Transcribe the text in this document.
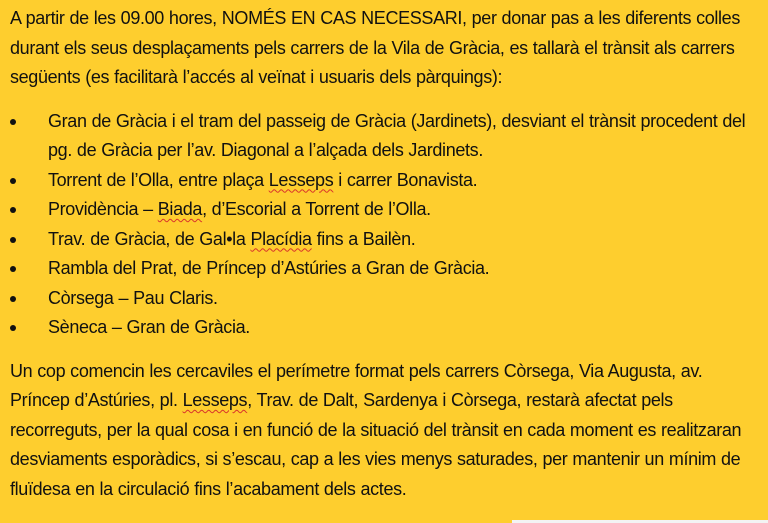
A partir de les 09.00 hores, NOMÉS EN CAS NECESSARI, per donar pas a les diferents colles durant els seus desplaçaments pels carrers de la Vila de Gràcia, es tallarà el trànsit als carrers següents (es facilitarà l’accés al veïnat i usuaris dels pàrquings):

Gran de Gràcia i el tram del passeig de Gràcia (Jardinets), desviant el trànsit procedent del pg. de Gràcia per l’av. Diagonal a l’alçada dels Jardinets.
Torrent de l’Olla, entre plaça Lesseps i carrer Bonavista.
Providència – Biada, d’Escorial a Torrent de l’Olla.
Trav. de Gràcia, de Gal•la Placídia fins a Bailèn.
Rambla del Prat, de Príncep d’Astúries a Gran de Gràcia.
Còrsega – Pau Claris.
Sèneca – Gran de Gràcia.

Un cop comencin les cercaviles el perímetre format pels carrers Còrsega, Via Augusta, av. Príncep d’Astúries, pl. Lesseps, Trav. de Dalt, Sardenya i Còrsega, restarà afectat pels recorreguts, per la qual cosa i en funció de la situació del trànsit en cada moment es realitzaran desviaments esporàdics, si s’escau, cap a les vies menys saturades, per mantenir un mínim de fluïdesa en la circulació fins l’acabament dels actes.
